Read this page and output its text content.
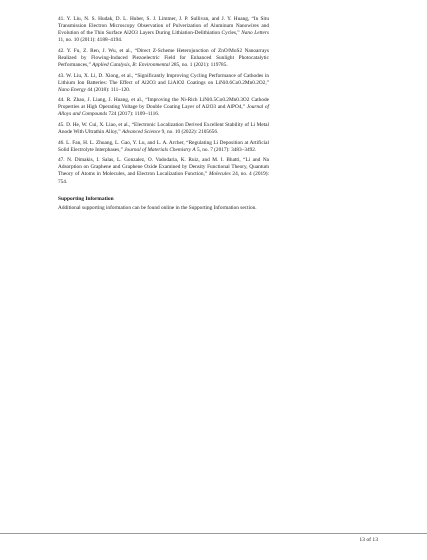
41. Y. Liu, N. S. Hudak, D. L. Huber, S. J. Limmer, J. P. Sullivan, and J. Y. Huang, “In Situ Transmission Electron Microscopy Observation of Pulverization of Aluminum Nanowires and Evolution of the Thin Surface Al2O3 Layers During Lithiation-Delithiation Cycles,” Nano Letters 11, no. 10 (2011): 4188–4194.

42. Y. Fu, Z. Ren, J. Wu, et al., “Direct Z-Scheme Heterojunction of ZnO/MoS2 Nanoarrays Realized by Flowing-Induced Piezoelectric Field for Enhanced Sunlight Photocatalytic Performances,” Applied Catalysis, B: Environmental 285, no. 1 (2021): 119785.

43. W. Liu, X. Li, D. Xiong, et al., “Significantly Improving Cycling Performance of Cathodes in Lithium Ion Batteries: The Effect of Al2O3 and LiAlO2 Coatings on LiNi0.6Co0.2Mn0.2O2,” Nano Energy 44 (2018): 111–120.

44. R. Zhao, J. Liang, J. Huang, et al., “Improving the Ni-Rich LiNi0.5Co0.2Mn0.3O2 Cathode Properties at High Operating Voltage by Double Coating Layer of Al2O3 and AlPO4,” Journal of Alloys and Compounds 724 (2017): 1109–1116.

45. D. He, W. Cui, X. Liao, et al., “Electronic Localization Derived Excellent Stability of Li Metal Anode With Ultrathin Alloy,” Advanced Science 9, no. 10 (2022): 2105656.

46. L. Fan, H. L. Zhuang, L. Gao, Y. Lu, and L. A. Archer, “Regulating Li Deposition at Artificial Solid Electrolyte Interphases,” Journal of Materials Chemistry A 5, no. 7 (2017): 3483–3492.

47. N. Dimakis, I. Salas, L. Gonzalez, O. Vadodaria, K. Ruiz, and M. I. Bhatti, “Li and Na Adsorption on Graphene and Graphene Oxide Examined by Density Functional Theory, Quantum Theory of Atoms in Molecules, and Electron Localization Function,” Molecules 24, no. 4 (2019): 754.

Supporting Information

Additional supporting information can be found online in the Supporting Information section.

13 of 13
